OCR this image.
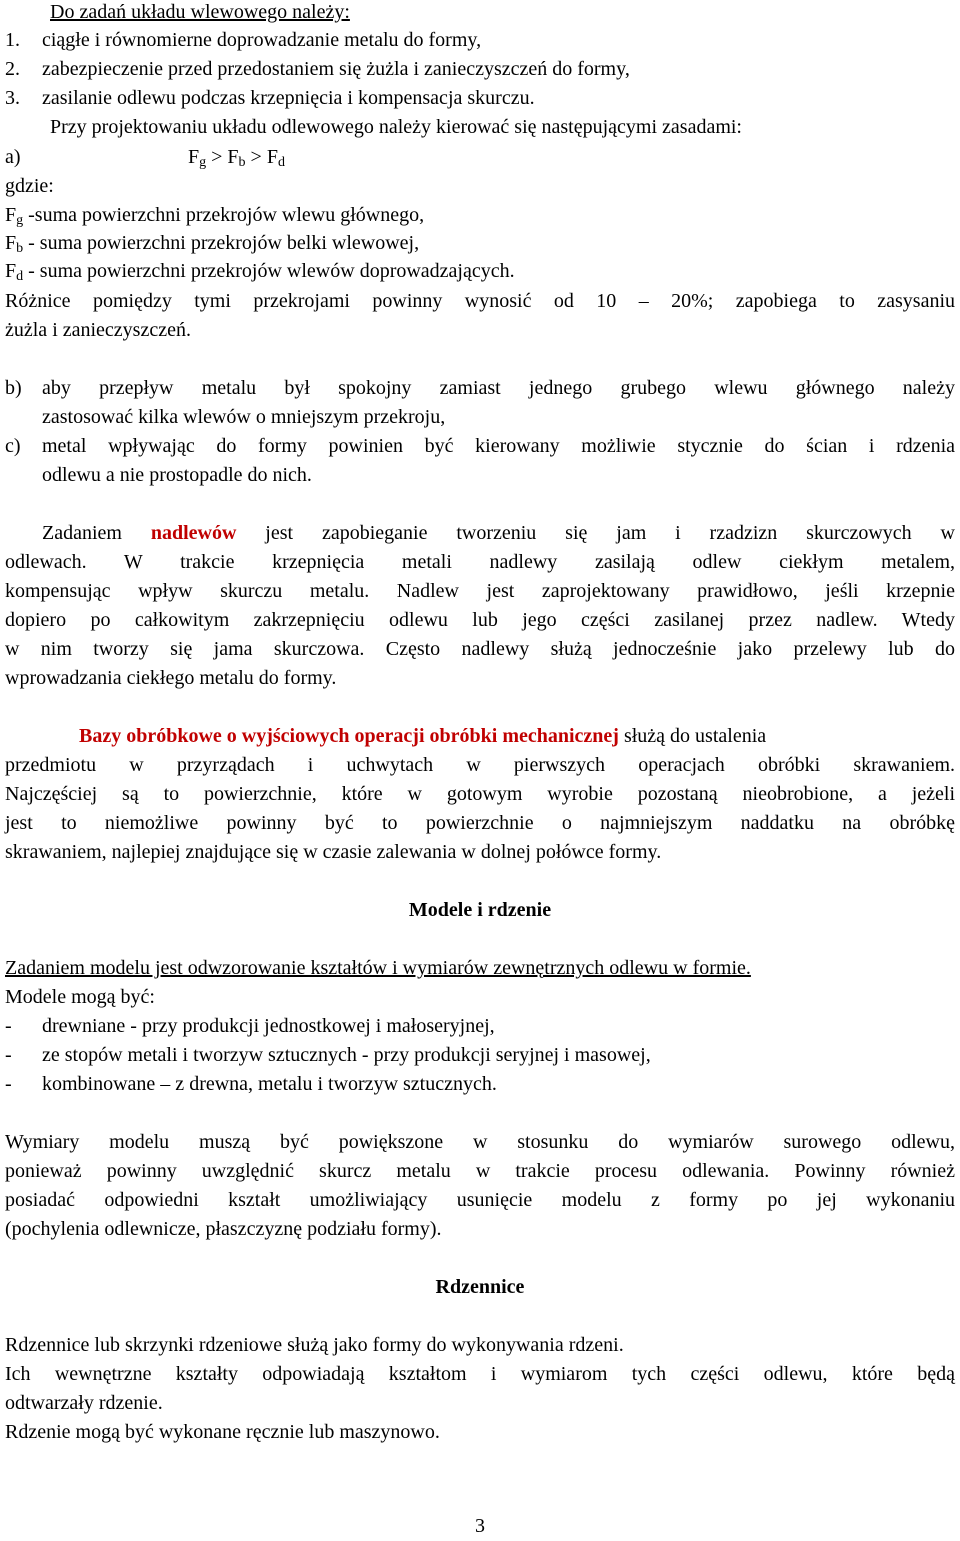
Do zadań układu wlewowego należy:
1. ciągłe i równomierne doprowadzanie metalu do formy,
2. zabezpieczenie przed przedostaniem się żużla i zanieczyszczeń do formy,
3. zasilanie odlewu podczas krzepnięcia i kompensacja skurczu.
Przy projektowaniu układu odlewowego należy kierować się następującymi zasadami:
a)	$F_g > F_b > F_d$
gdzie:
$F_g$ -suma powierzchni przekrojów wlewu głównego,
$F_b$ - suma powierzchni przekrojów belki wlewowej,
$F_d$ - suma powierzchni przekrojów wlewów doprowadzających.
Różnice pomiędzy tymi przekrojami powinny wynosić od 10 – 20%; zapobiega to zasysaniu
żużla i zanieczyszczeń.
b) aby przepływ metalu był spokojny zamiast jednego grubego wlewu głównego należy
zastosować kilka wlewów o mniejszym przekroju,
c) metal wpływając do formy powinien być kierowany możliwie stycznie do ścian i rdzenia
odlewu a nie prostopadle do nich.
Zadaniem nadlewów jest zapobieganie tworzeniu się jam i rzadzizn skurczowych w
odlewach. W trakcie krzepnięcia metali nadlewy zasilają odlew ciekłym metalem,
kompensując wpływ skurczu metalu. Nadlew jest zaprojektowany prawidłowo, jeśli krzepnie
dopiero po całkowitym zakrzepnięciu odlewu lub jego części zasilanej przez nadlew. Wtedy
w nim tworzy się jama skurczowa. Często nadlewy służą jednocześnie jako przelewy lub do
wprowadzania ciekłego metalu do formy.
Bazy obróbkowe o wyjściowych operacji obróbki mechanicznej służą do ustalenia
przedmiotu w przyrządach i uchwytach w pierwszych operacjach obróbki skrawaniem.
Najczęściej są to powierzchnie, które w gotowym wyrobie pozostaną nieobrobione, a jeżeli
jest to niemożliwe powinny być to powierzchnie o najmniejszym naddatku na obróbkę
skrawaniem, najlepiej znajdujące się w czasie zalewania w dolnej połówce formy.
Modele i rdzenie
Zadaniem modelu jest odwzorowanie kształtów i wymiarów zewnętrznych odlewu w formie.
Modele mogą być:
- drewniane - przy produkcji jednostkowej i małoseryjnej,
- ze stopów metali i tworzyw sztucznych - przy produkcji seryjnej i masowej,
- kombinowane – z drewna, metalu i tworzyw sztucznych.
Wymiary modelu muszą być powiększone w stosunku do wymiarów surowego odlewu,
ponieważ powinny uwzględnić skurcz metalu w trakcie procesu odlewania. Powinny również
posiadać odpowiedni kształt umożliwiający usunięcie modelu z formy po jej wykonaniu
(pochylenia odlewnicze, płaszczyznę podziału formy).
Rdzennice
Rdzennice lub skrzynki rdzeniowe służą jako formy do wykonywania rdzeni.
Ich wewnętrzne kształty odpowiadają kształtom i wymiarom tych części odlewu, które będą
odtwarzały rdzenie.
Rdzenie mogą być wykonane ręcznie lub maszynowo.
3
